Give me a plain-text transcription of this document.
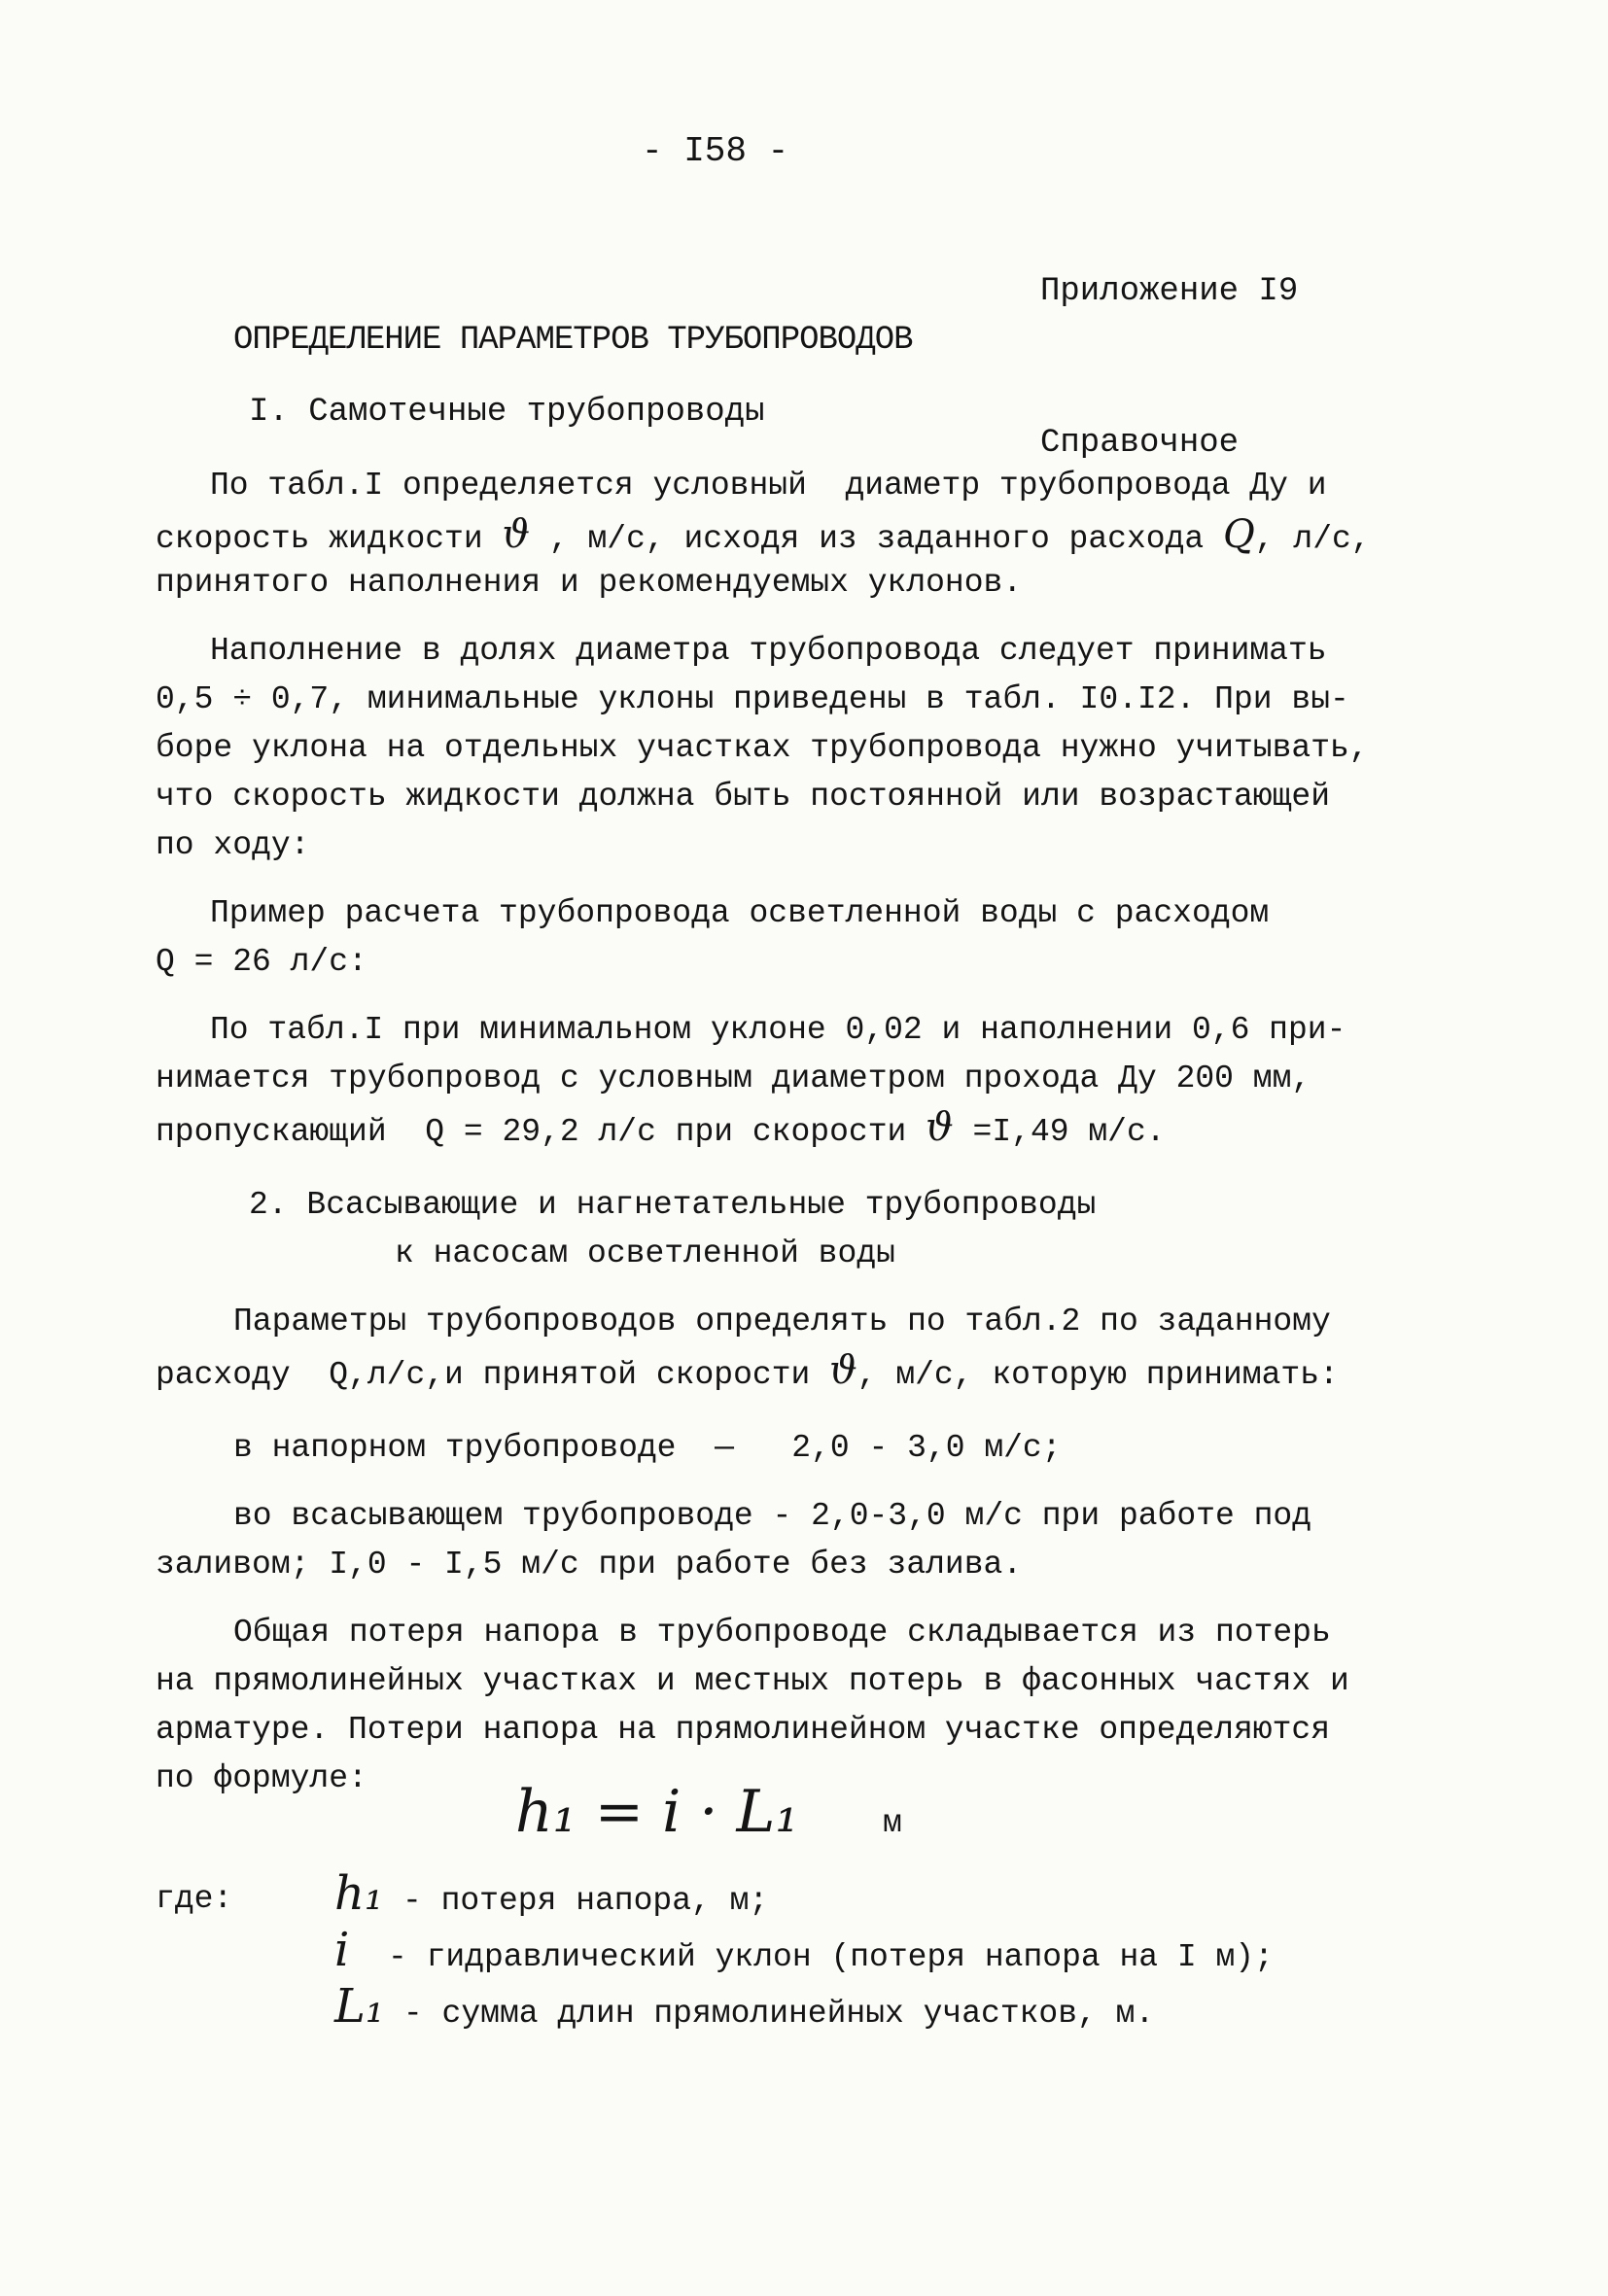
- I58 -

Приложение I9

Справочное

ОПРЕДЕЛЕНИЕ ПАРАМЕТРОВ ТРУБОПРОВОДОВ
I. Самотечные трубопроводы
По табл.I определяется условный  диаметр трубопровода Ду и
скорость жидкости ϑ , м/с, исходя из заданного расхода Q, л/с,
принятого наполнения и рекомендуемых уклонов.
Наполнение в долях диаметра трубопровода следует принимать
0,5 ÷ 0,7, минимальные уклоны приведены в табл. I0.I2. При вы-
боре уклона на отдельных участках трубопровода нужно учитывать,
что скорость жидкости должна быть постоянной или возрастающей
по ходу:
Пример расчета трубопровода осветленной воды с расходом
Q = 26 л/с:
По табл.I при минимальном уклоне 0,02 и наполнении 0,6 при-
нимается трубопровод с условным диаметром прохода Ду 200 мм,
пропускающий  Q = 29,2 л/с при скорости ϑ =I,49 м/с.
2. Всасывающие и нагнетательные трубопроводы
к насосам осветленной воды
Параметры трубопроводов определять по табл.2 по заданному
расходу  Q,л/с,и принятой скорости ϑ, м/с, которую принимать:
в напорном трубопроводе  —   2,0 - 3,0 м/с;
во всасывающем трубопроводе - 2,0-3,0 м/с при работе под
заливом; I,0 - I,5 м/с при работе без залива.
Общая потеря напора в трубопроводе складывается из потерь
на прямолинейных участках и местных потерь в фасонных частях и
арматуре. Потери напора на прямолинейном участке определяются
по формуле:	h₁ = i · L₁	м
где: h₁ - потеря напора, м;
i  - гидравлический уклон (потеря напора на I м);
L₁ - сумма длин прямолинейных участков, м.
